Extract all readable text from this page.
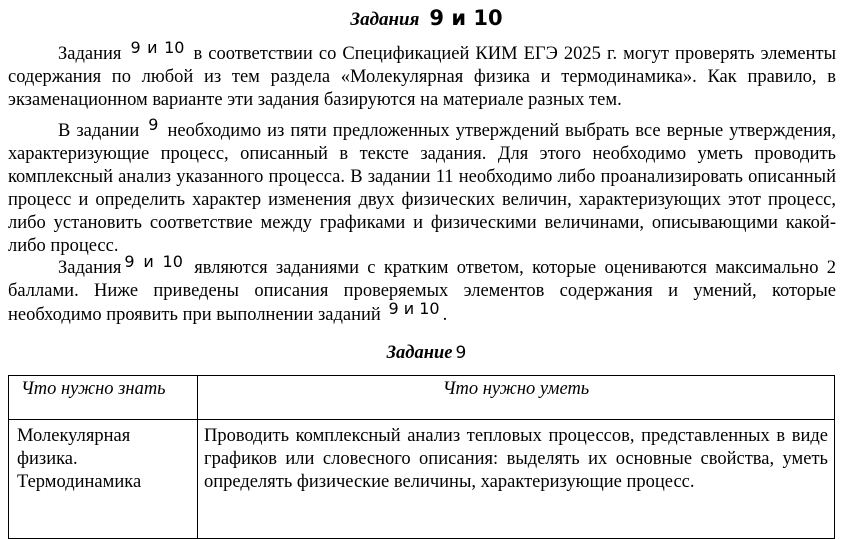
Задания 9 и 10
Задания 9 и 10 в соответствии со Спецификацией КИМ ЕГЭ 2025 г. могут проверять элементы содержания по любой из тем раздела «Молекулярная физика и термодинамика». Как правило, в экзаменационном варианте эти задания базируются на материале разных тем.
В задании 9 необходимо из пяти предложенных утверждений выбрать все верные утверждения, характеризующие процесс, описанный в тексте задания. Для этого необходимо уметь проводить комплексный анализ указанного процесса. В задании 11 необходимо либо проанализировать описанный процесс и определить характер изменения двух физических величин, характеризующих этот процесс, либо установить соответствие между графиками и физическими величинами, описывающими какой-либо процесс.
Задания 9 и 10 являются заданиями с кратким ответом, которые оцениваются максимально 2 баллами. Ниже приведены описания проверяемых элементов содержания и умений, которые необходимо проявить при выполнении заданий 9 и 10 .
Задание 9
Что нужно знать	Что нужно уметь

Молекулярная
физика.
Термодинамика	Проводить комплексный анализ тепловых процессов, представленных в виде графиков или словесного описания: выделять их основные свойства, уметь определять физические величины, характеризующие процесс.
